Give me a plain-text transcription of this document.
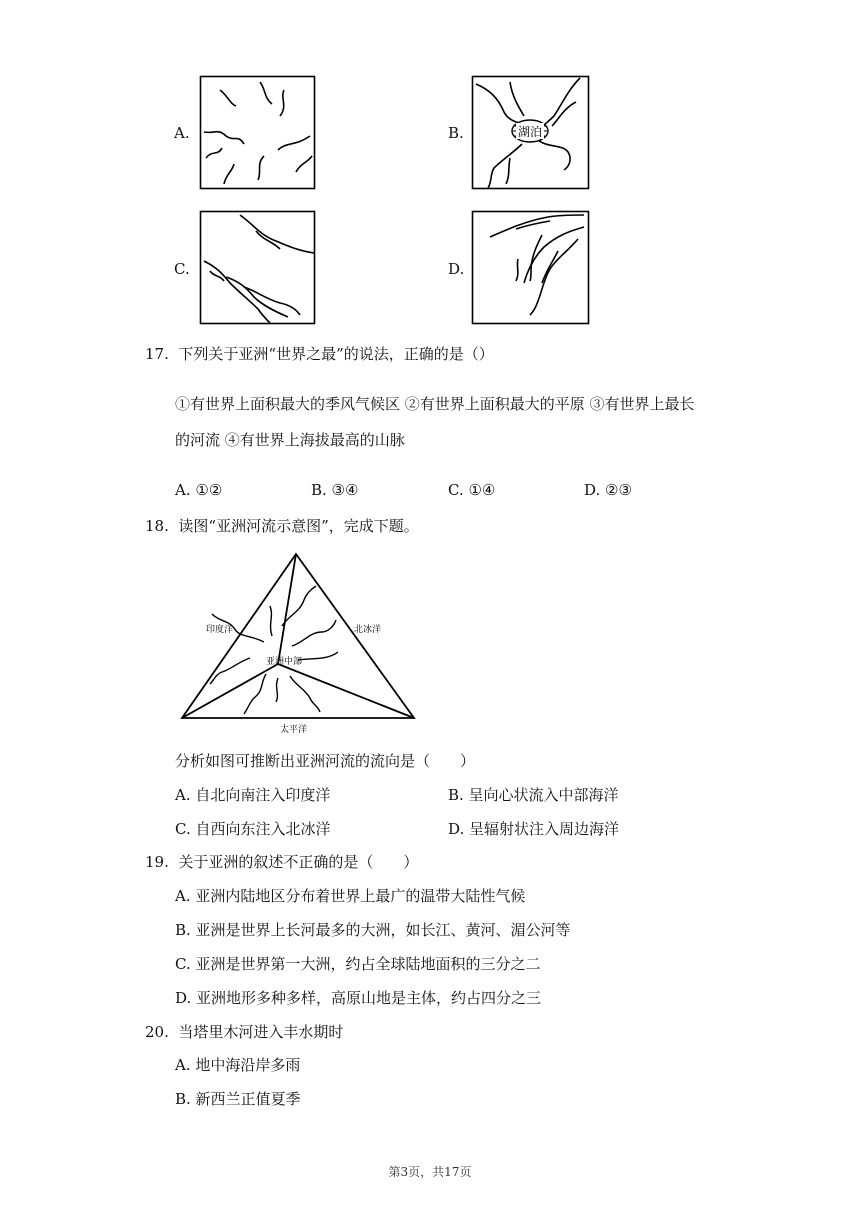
A.	B.	湖泊
C.	D.
17. 下列关于亚洲“世界之最”的说法，正确的是（）
①有世界上面积最大的季风气候区 ②有世界上面积最大的平原 ③有世界上最长
的河流 ④有世界上海拔最高的山脉
A. ①②	B. ③④	C. ①④	D. ②③
18. 读图“亚洲河流示意图”，完成下题。
印度洋	北冰洋
亚洲中部
太平洋
分析如图可推断出亚洲河流的流向是（　　）
A. 自北向南注入印度洋	B. 呈向心状流入中部海洋
C. 自西向东注入北冰洋	D. 呈辐射状注入周边海洋
19. 关于亚洲的叙述不正确的是（　　）
A. 亚洲内陆地区分布着世界上最广的温带大陆性气候
B. 亚洲是世界上长河最多的大洲，如长江、黄河、湄公河等
C. 亚洲是世界第一大洲，约占全球陆地面积的三分之二
D. 亚洲地形多种多样，高原山地是主体，约占四分之三
20. 当塔里木河进入丰水期时
A. 地中海沿岸多雨
B. 新西兰正值夏季
第3页，共17页
